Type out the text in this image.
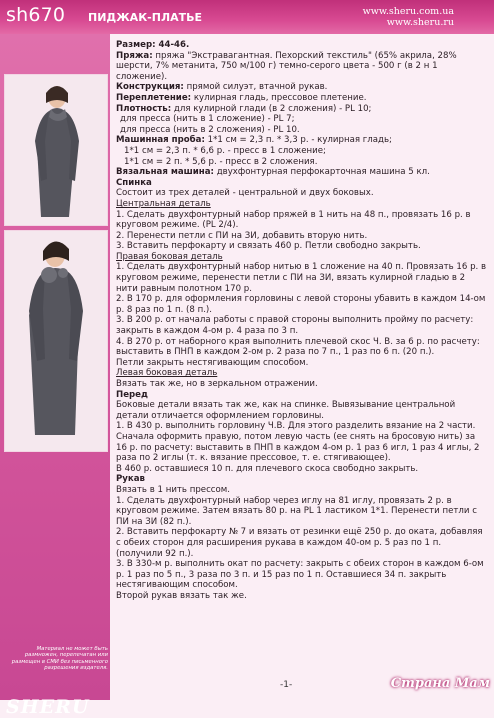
sh670 ПИДЖАК-ПЛАТЬЕ	www.sheru.com.ua
www.sheru.ru
Материал не может быть размножен, перепечатан или размещен в СМИ без письменного разрешения издателя.
SHERU

Размер: 44-46.

Пряжа: пряжа "Экстравагантная. Пехорский текстиль" (65% акрила, 28% шерсти, 7% метанита, 750 м/100 г) темно-серого цвета - 500 г (в 2 н 1 сложение).

Конструкция: прямой силуэт, втачной рукав.

Переплетение: кулирная гладь, прессовое плетение.

Плотность: для кулирной глади (в 2 сложения) - PL 10;

для пресса (нить в 1 сложение) - PL 7;

для пресса (нить в 2 сложения) - PL 10.

Машинная проба: 1*1 см = 2,3 п. * 3,3 р. - кулирная гладь;

1*1 см = 2,3 п. * 6,6 р. - пресс в 1 сложение;

1*1 см = 2 п. * 5,6 р. - пресс в 2 сложения.

Вязальная машина: двухфонтурная перфокарточная машина 5 кл.

Спинка

Состоит из трех деталей - центральной и двух боковых.

Центральная деталь

1. Сделать двухфонтурный набор пряжей в 1 нить на 48 п., провязать 16 р. в круговом режиме. (PL 2/4).

2. Перенести петли с ПИ на ЗИ, добавить вторую нить.

3. Вставить перфокарту и связать 460 р. Петли свободно закрыть.

Правая боковая деталь

1. Сделать двухфонтурный набор нитью в 1 сложение на 40 п. Провязать 16 р. в круговом режиме, перенести петли с ПИ на ЗИ, вязать кулирной гладью в 2 нити равным полотном 170 р.

2. В 170 р. для оформления горловины с левой стороны убавить в каждом 14-ом р. 8 раз по 1 п. (8 п.).

3. В 200 р. от начала работы с правой стороны выполнить пройму по расчету: закрыть в каждом 4-ом р. 4 раза по 3 п.

4. В 270 р. от наборного края выполнить плечевой скос Ч. В. за 6 р. по расчету: выставить в ПНП в каждом 2-ом р. 2 раза по 7 п., 1 раз по 6 п. (20 п.).

Петли закрыть нестягивающим способом.

Левая боковая деталь

Вязать так же, но в зеркальном отражении.

Перед

Боковые детали вязать так же, как на спинке. Вывязывание центральной детали отличается оформлением горловины.

1. В 430 р. выполнить горловину Ч.В. Для этого разделить вязание на 2 части. Сначала оформить правую, потом левую часть (ее снять на бросовую нить) за 16 р. по расчету: выставить в ПНП в каждом 4-ом р. 1 раз 6 игл, 1 раз 4 иглы, 2 раза по 2 иглы (т. к. вязание прессовое, т. е. стягивающее).

В 460 р. оставшиеся 10 п. для плечевого скоса свободно закрыть.

Рукав

Вязать в 1 нить прессом.

1. Сделать двухфонтурный набор через иглу на 81 иглу, провязать 2 р. в круговом режиме. Затем вязать 80 р. на PL 1 ластиком 1*1. Перенести петли с ПИ на ЗИ (82 п.).

2. Вставить перфокарту № 7 и вязать от резинки ещё 250 р. до оката, добавляя с обеих сторон для расширения рукава в каждом 40-ом р. 5 раз по 1 п. (получили 92 п.).

3. В 330-м р. выполнить окат по расчету: закрыть с обеих сторон в каждом 6-ом р. 1 раз по 5 п., 3 раза по 3 п. и 15 раз по 1 п. Оставшиеся 34 п. закрыть нестягивающим способом.

Второй рукав вязать так же.

-1-	Страна Мам
